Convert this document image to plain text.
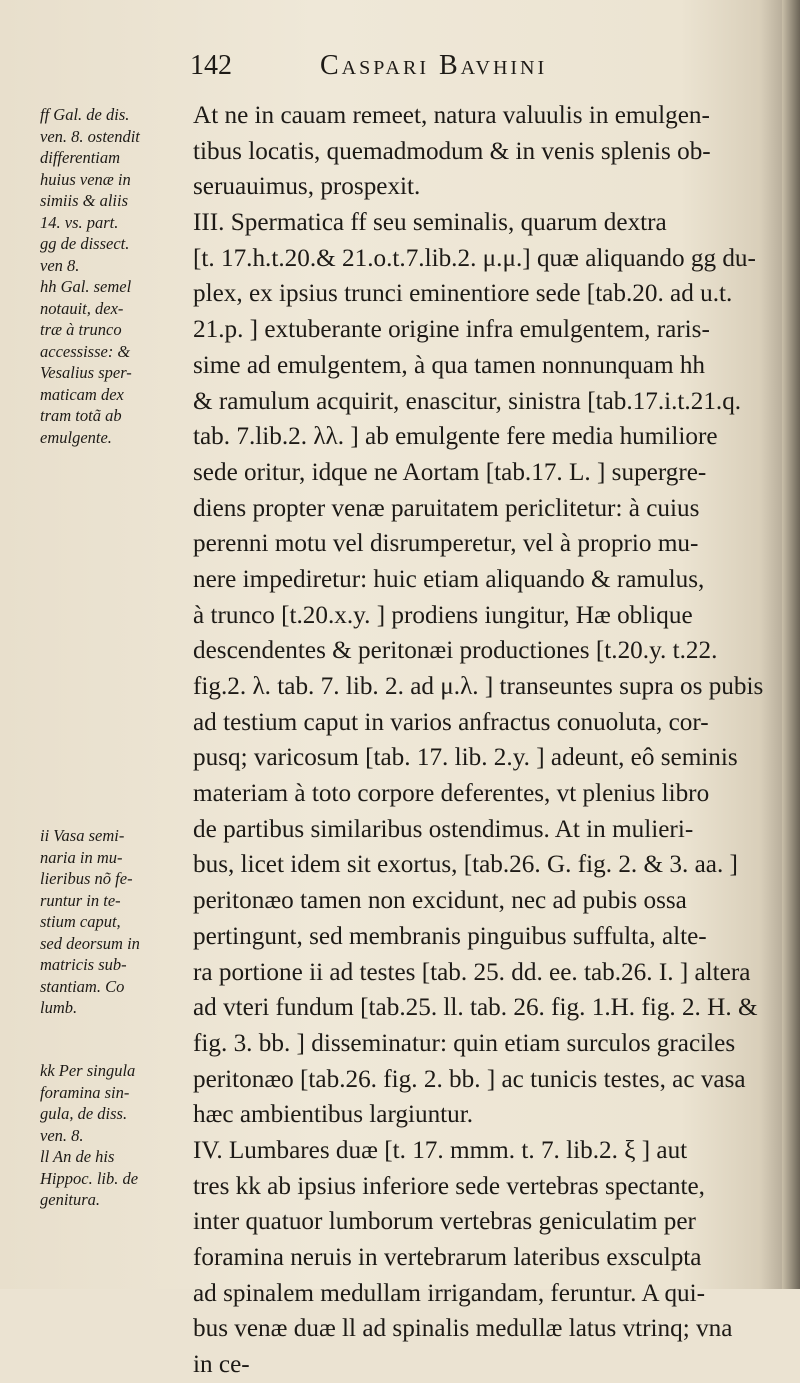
142	Caspari Bavhini
At ne in cauam remeet, natura valuulis in emulgen-
tibus locatis, quemadmodum & in venis splenis ob-
seruauimus, prospexit.
III. Spermatica ff seu seminalis, quarum dextra
[t. 17.h.t.20.& 21.o.t.7.lib.2. μ.μ.] quæ aliquando gg du-
plex, ex ipsius trunci eminentiore sede [tab.20. ad u.t.
21.p. ] extuberante origine infra emulgentem, raris-
sime ad emulgentem, à qua tamen nonnunquam hh
& ramulum acquirit, enascitur, sinistra [tab.17.i.t.21.q.
tab. 7.lib.2. λλ. ] ab emulgente fere media humiliore
sede oritur, idque ne Aortam [tab.17. L. ] supergre-
diens propter venæ paruitatem periclitetur: à cuius
perenni motu vel disrumperetur, vel à proprio mu-
nere impediretur: huic etiam aliquando & ramulus,
à trunco [t.20.x.y. ] prodiens iungitur, Hæ oblique
descendentes & peritonæi productiones [t.20.y. t.22.
fig.2. λ. tab. 7. lib. 2. ad μ.λ. ] transeuntes supra os pubis
ad testium caput in varios anfractus conuoluta, cor-
pusq; varicosum [tab. 17. lib. 2.y. ] adeunt, eô seminis
materiam à toto corpore deferentes, vt plenius libro
de partibus similaribus ostendimus. At in mulieri-
bus, licet idem sit exortus, [tab.26. G. fig. 2. & 3. aa. ]
peritonæo tamen non excidunt, nec ad pubis ossa
pertingunt, sed membranis pinguibus suffulta, alte-
ra portione ii ad testes [tab. 25. dd. ee. tab.26. I. ] altera
ad vteri fundum [tab.25. ll. tab. 26. fig. 1.H. fig. 2. H. &
fig. 3. bb. ] disseminatur: quin etiam surculos graciles
peritonæo [tab.26. fig. 2. bb. ] ac tunicis testes, ac vasa
hæc ambientibus largiuntur.
IV. Lumbares duæ [t. 17. mmm. t. 7. lib.2. ξ ] aut
tres kk ab ipsius inferiore sede vertebras spectante,
inter quatuor lumborum vertebras geniculatim per
foramina neruis in vertebrarum lateribus exsculpta
ad spinalem medullam irrigandam, feruntur. A qui-
bus venæ duæ ll ad spinalis medullæ latus vtrinq; vna
in ce-
ff Gal. de dis.
ven. 8. ostendit
differentiam
huius venæ in
simiis & aliis
14. vs. part.
gg de dissect.
ven 8.
hh Gal. semel
notauit, dex-
træ à trunco
accessisse: &
Vesalius sper-
maticam dex
tram totã ab
emulgente.
ii Vasa semi-
naria in mu-
lieribus nõ fe-
runtur in te-
stium caput,
sed deorsum in
matricis sub-
stantiam. Co
lumb.
kk Per singula
foramina sin-
gula, de diss.
ven. 8.
ll An de his
Hippoc. lib. de
genitura.
